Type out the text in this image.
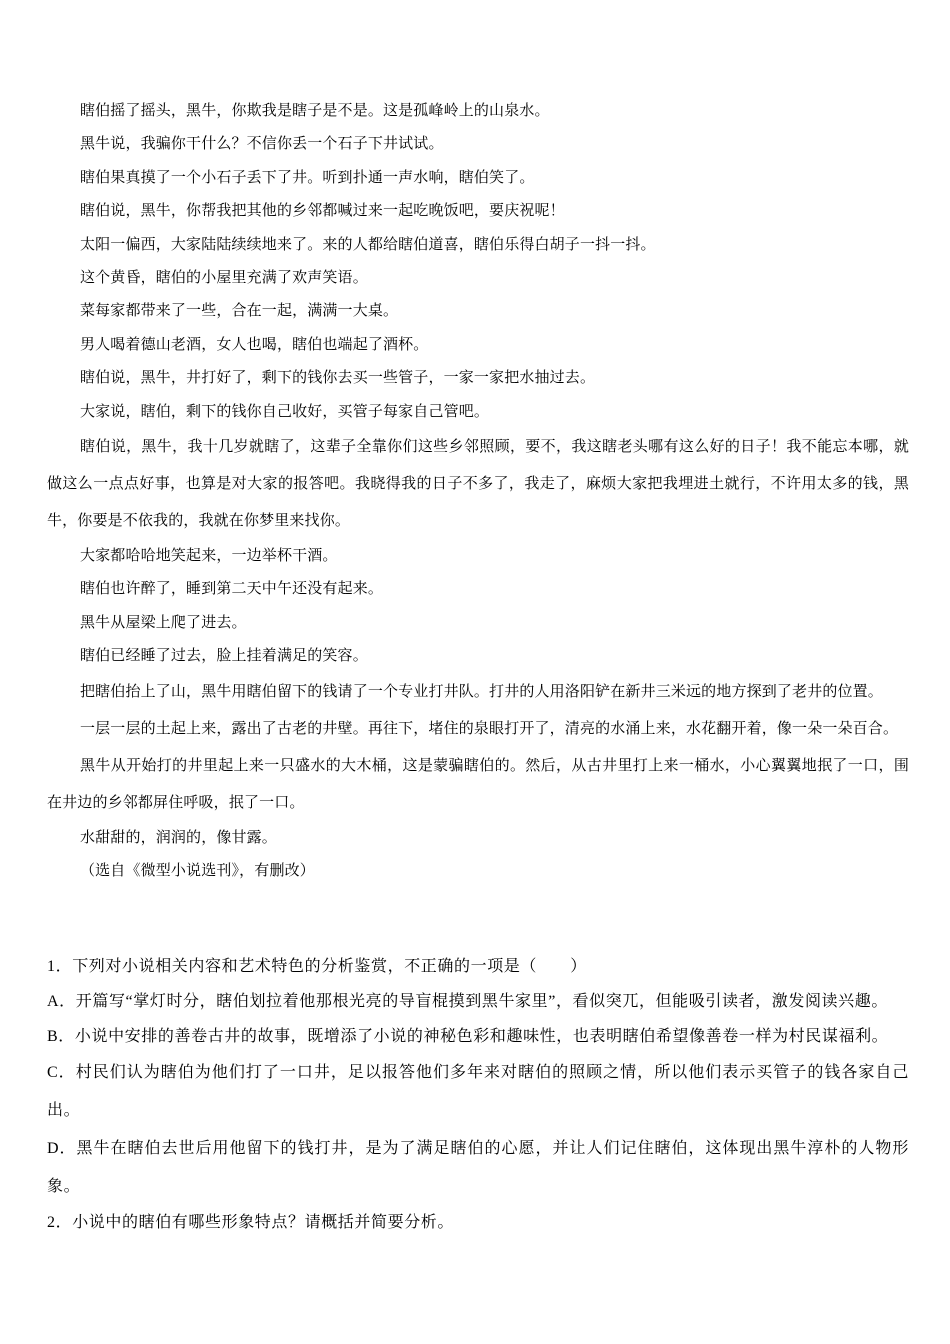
瞎伯摇了摇头，黑牛，你欺我是瞎子是不是。这是孤峰岭上的山泉水。

黑牛说，我骗你干什么？不信你丢一个石子下井试试。

瞎伯果真摸了一个小石子丢下了井。听到扑通一声水响，瞎伯笑了。

瞎伯说，黑牛，你帮我把其他的乡邻都喊过来一起吃晚饭吧，要庆祝呢！

太阳一偏西，大家陆陆续续地来了。来的人都给瞎伯道喜，瞎伯乐得白胡子一抖一抖。

这个黄昏，瞎伯的小屋里充满了欢声笑语。

菜每家都带来了一些，合在一起，满满一大桌。

男人喝着德山老酒，女人也喝，瞎伯也端起了酒杯。

瞎伯说，黑牛，井打好了，剩下的钱你去买一些管子，一家一家把水抽过去。

大家说，瞎伯，剩下的钱你自己收好，买管子每家自己管吧。

瞎伯说，黑牛，我十几岁就瞎了，这辈子全靠你们这些乡邻照顾，要不，我这瞎老头哪有这么好的日子！我不能忘本哪，就做这么一点点好事，也算是对大家的报答吧。我晓得我的日子不多了，我走了，麻烦大家把我埋进土就行，不许用太多的钱，黑牛，你要是不依我的，我就在你梦里来找你。

大家都哈哈地笑起来，一边举杯干酒。

瞎伯也许醉了，睡到第二天中午还没有起来。

黑牛从屋梁上爬了进去。

瞎伯已经睡了过去，脸上挂着满足的笑容。

把瞎伯抬上了山，黑牛用瞎伯留下的钱请了一个专业打井队。打井的人用洛阳铲在新井三米远的地方探到了老井的位置。

一层一层的土起上来，露出了古老的井壁。再往下，堵住的泉眼打开了，清亮的水涌上来，水花翻开着，像一朵一朵百合。

黑牛从开始打的井里起上来一只盛水的大木桶，这是蒙骗瞎伯的。然后，从古井里打上来一桶水，小心翼翼地抿了一口，围在井边的乡邻都屏住呼吸，抿了一口。

水甜甜的，润润的，像甘露。

（选自《微型小说选刊》，有删改）

1．下列对小说相关内容和艺术特色的分析鉴赏，不正确的一项是（　　）

A．开篇写“掌灯时分，瞎伯划拉着他那根光亮的导盲棍摸到黑牛家里”，看似突兀，但能吸引读者，激发阅读兴趣。

B．小说中安排的善卷古井的故事，既增添了小说的神秘色彩和趣味性，也表明瞎伯希望像善卷一样为村民谋福利。

C．村民们认为瞎伯为他们打了一口井，足以报答他们多年来对瞎伯的照顾之情，所以他们表示买管子的钱各家自己出。

D．黑牛在瞎伯去世后用他留下的钱打井，是为了满足瞎伯的心愿，并让人们记住瞎伯，这体现出黑牛淳朴的人物形象。

2．小说中的瞎伯有哪些形象特点？请概括并简要分析。
